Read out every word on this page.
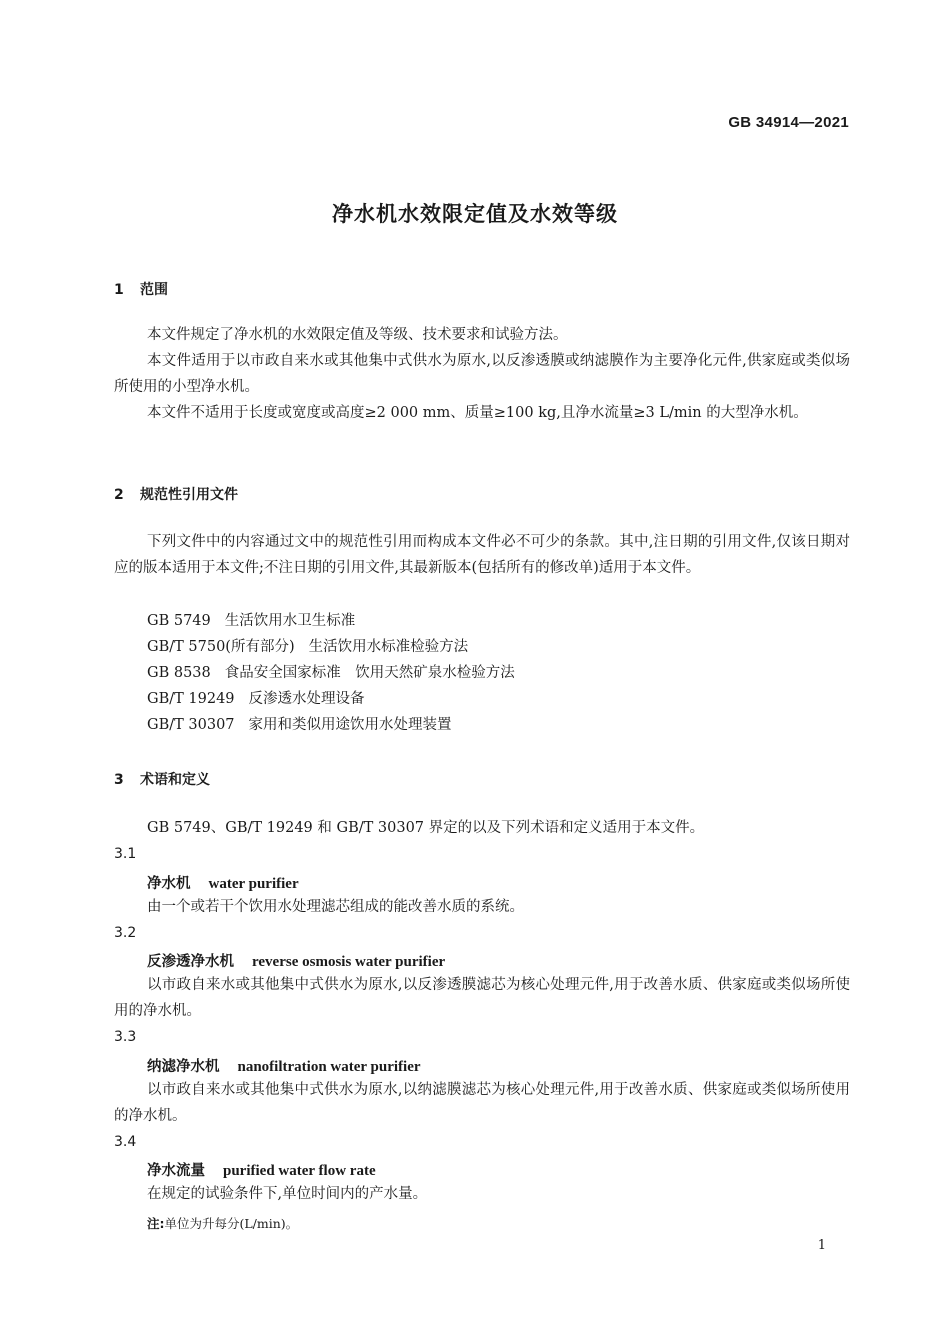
GB 34914—2021
净水机水效限定值及水效等级
1 范围

本文件规定了净水机的水效限定值及等级、技术要求和试验方法。

本文件适用于以市政自来水或其他集中式供水为原水,以反渗透膜或纳滤膜作为主要净化元件,供家庭或类似场所使用的小型净水机。

本文件不适用于长度或宽度或高度≥2 000 mm、质量≥100 kg,且净水流量≥3 L/min 的大型净水机。

2 规范性引用文件

下列文件中的内容通过文中的规范性引用而构成本文件必不可少的条款。其中,注日期的引用文件,仅该日期对应的版本适用于本文件;不注日期的引用文件,其最新版本(包括所有的修改单)适用于本文件。

GB 5749 生活饮用水卫生标准
GB/T 5750(所有部分) 生活饮用水标准检验方法
GB 8538 食品安全国家标准　饮用天然矿泉水检验方法
GB/T 19249 反渗透水处理设备
GB/T 30307 家用和类似用途饮用水处理装置
3 术语和定义

GB 5749、GB/T 19249 和 GB/T 30307 界定的以及下列术语和定义适用于本文件。

3.1
净水机 water purifier

由一个或若干个饮用水处理滤芯组成的能改善水质的系统。

3.2
反渗透净水机 reverse osmosis water purifier

以市政自来水或其他集中式供水为原水,以反渗透膜滤芯为核心处理元件,用于改善水质、供家庭或类似场所使用的净水机。

3.3
纳滤净水机 nanofiltration water purifier

以市政自来水或其他集中式供水为原水,以纳滤膜滤芯为核心处理元件,用于改善水质、供家庭或类似场所使用的净水机。

3.4
净水流量 purified water flow rate

在规定的试验条件下,单位时间内的产水量。

注:单位为升每分(L/min)。
1
